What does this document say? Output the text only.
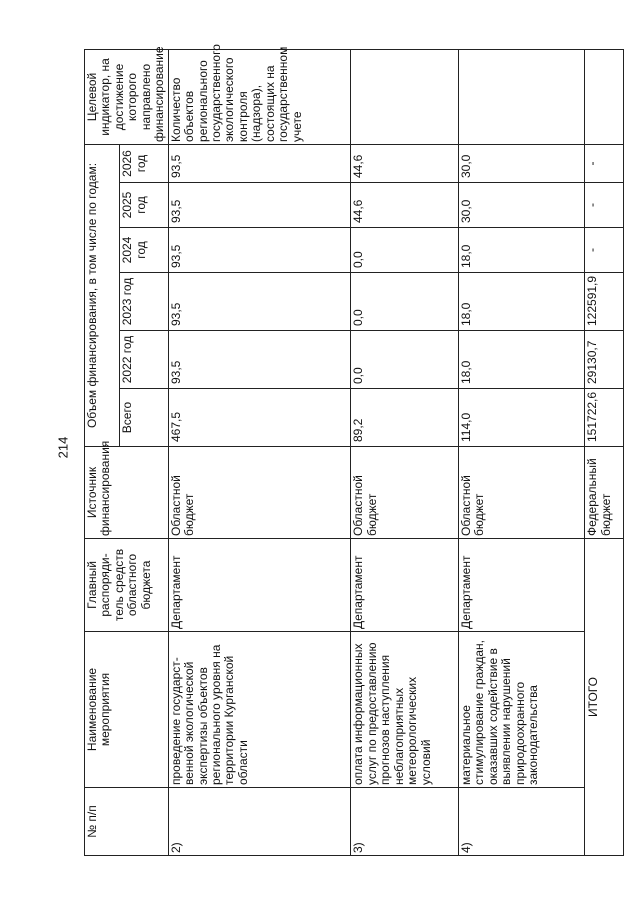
214
№ п/п	Наименование мероприятия	Главный распоряди-тель средств областного бюджета	Источник финансирования	Объем финансирования, в том числе по годам:						Целевой индикатор, на достижение которого направлено финансирование
				Всего	2022 год	2023 год	2024 год	2025 год	2026 год	
2)	проведение государст-венной экологической экспертизы объектов регионального уровня на территории Курганской области	Департамент	Областной бюджет	467,5	93,5	93,5	93,5	93,5	93,5	Количество объектов регионального государственного экологического контроля (надзора), состоящих на государственном учете
3)	оплата информационных услуг по предоставлению прогнозов наступления неблагоприятных метеорологических условий	Департамент	Областной бюджет	89,2	0,0	0,0	0,0	44,6	44,6	
4)	материальное стимулирование граждан, оказавших содействие в выявлении нарушений природоохранного законодательства	Департамент	Областной бюджет	114,0	18,0	18,0	18,0	30,0	30,0	
ИТОГО			Федеральный бюджет	151722,6	29130,7	122591,9	-	-	-	
